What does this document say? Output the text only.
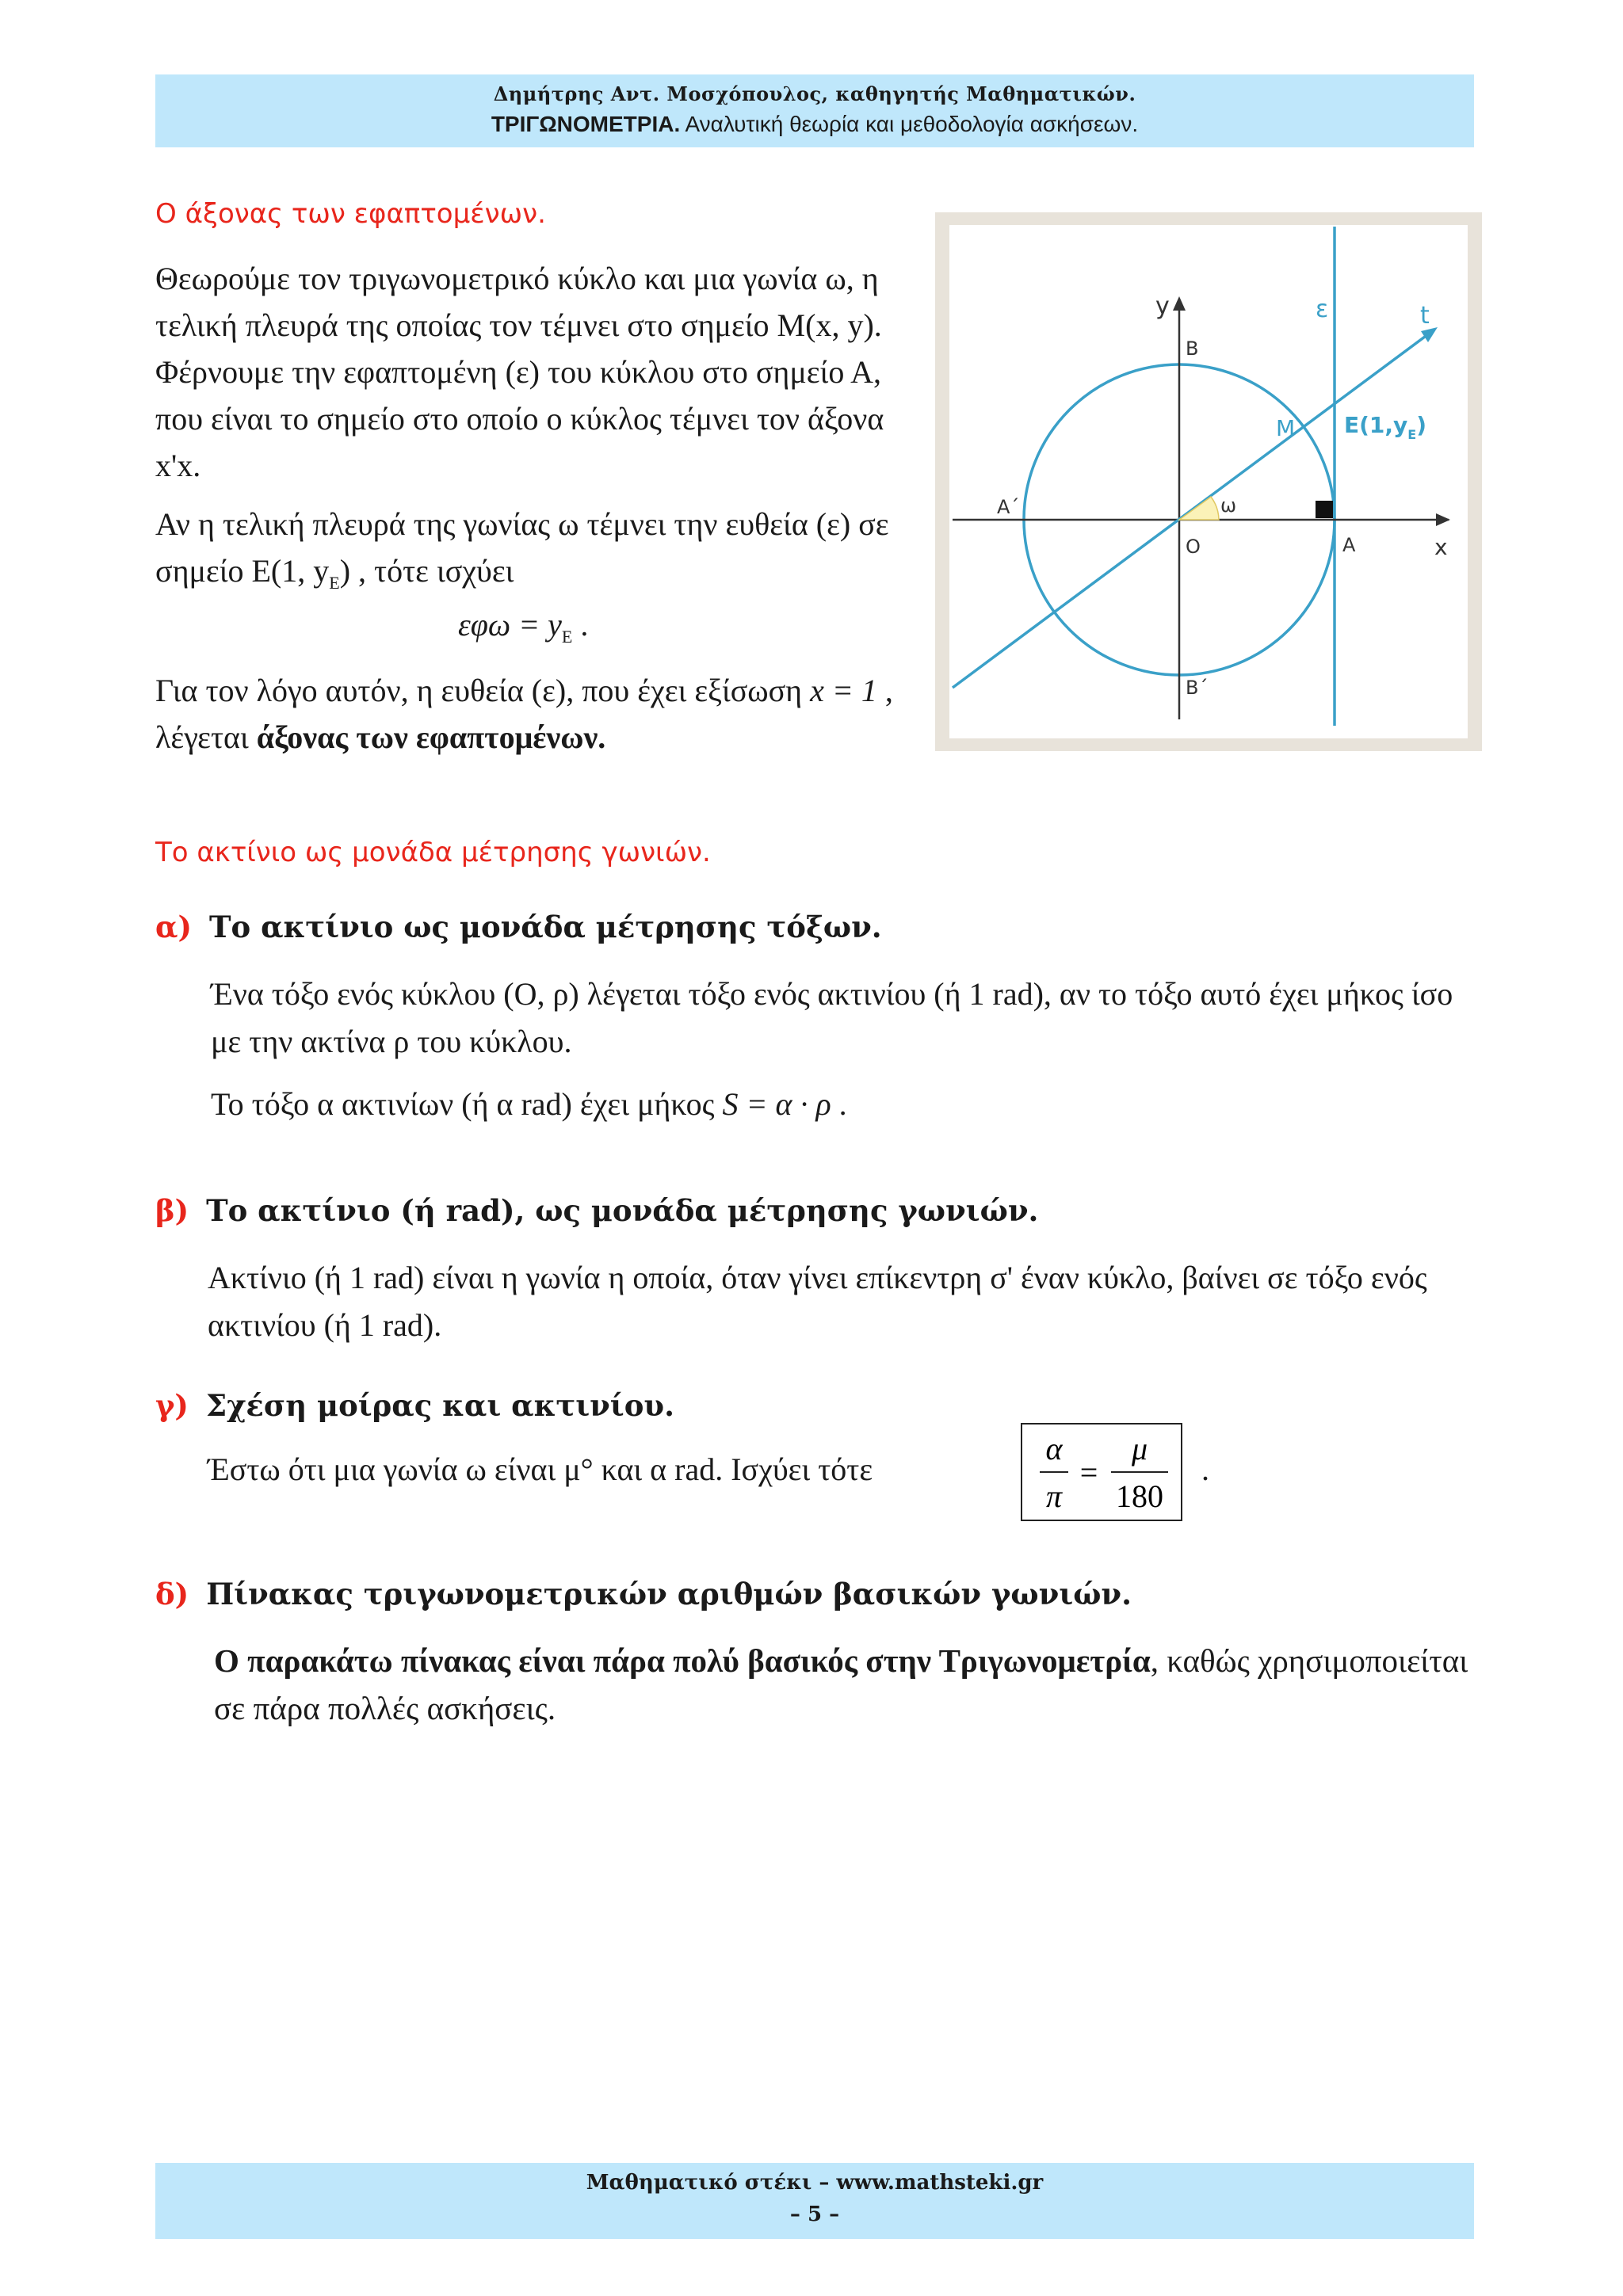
Δημήτρης Αντ. Μοσχόπουλος, καθηγητής Μαθηματικών.
ΤΡΙΓΩΝΟΜΕΤΡΙΑ. Αναλυτική θεωρία και μεθοδολογία ασκήσεων.
Ο άξονας των εφαπτομένων.
Θεωρούμε τον τριγωνομετρικό κύκλο και μια γωνία ω, η τελική πλευρά της οποίας τον τέμνει στο σημείο Μ(x, y). Φέρνουμε την εφαπτομένη (ε) του κύκλου στο σημείο Α, που είναι το σημείο στο οποίο ο κύκλος τέμνει τον άξονα x'x.
Αν η τελική πλευρά της γωνίας ω τέμνει την ευθεία (ε) σε σημείο Ε(1, $y_E$) , τότε ισχύει
$\varepsilon\varphi\omega = y_E$ .
Για τον λόγο αυτόν, η ευθεία (ε), που έχει εξίσωση x = 1 , λέγεται άξονας των εφαπτομένων.
y
x
ε	t
B
B΄
A
A΄
O
M
ω
$E(1,y_E)$
Το ακτίνιο ως μονάδα μέτρησης γωνιών.
α) Το ακτίνιο ως μονάδα μέτρησης τόξων.
Ένα τόξο ενός κύκλου (Ο, ρ) λέγεται τόξο ενός ακτινίου (ή 1 rad), αν το τόξο αυτό έχει μήκος ίσο με την ακτίνα ρ του κύκλου.
Το τόξο α ακτινίων (ή α rad) έχει μήκος S = α · ρ .
β) Το ακτίνιο (ή rad), ως μονάδα μέτρησης γωνιών.
Ακτίνιο (ή 1 rad) είναι η γωνία η οποία, όταν γίνει επίκεντρη σ' έναν κύκλο, βαίνει σε τόξο ενός ακτινίου (ή 1 rad).
γ) Σχέση μοίρας και ακτινίου.
Έστω ότι μια γωνία ω είναι μ° και α rad. Ισχύει τότε
α
π
=
μ
180
.
δ) Πίνακας τριγωνομετρικών αριθμών βασικών γωνιών.
Ο παρακάτω πίνακας είναι πάρα πολύ βασικός στην Τριγωνομετρία, καθώς χρησιμοποιείται σε πάρα πολλές ασκήσεις.
Μαθηματικό στέκι – www.mathsteki.gr
– 5 –
